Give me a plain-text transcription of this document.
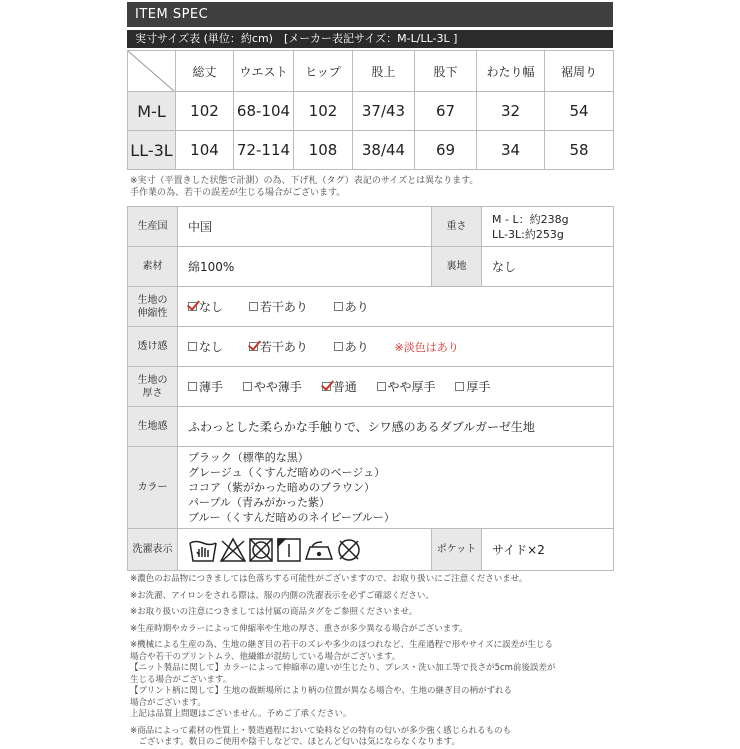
ITEM SPEC
実寸サイズ表 (単位：約cm)　[メーカー表記サイズ：M-L/LL-3L ]
	総丈	ウエスト	ヒップ	股上	股下	わたり幅	裾周り
M-L	102	68-104	102	37/43	67	32	54
LL-3L	104	72-114	108	38/44	69	34	58
※実寸（平置きした状態で計測）の為、下げ札（タグ）表記のサイズとは異なります。
手作業の為、若干の誤差が生じる場合がございます。
生産国	中国	重さ	M - L：約238g
LL-3L:約253g

素材	綿100%	裏地	なし
生地の
伸縮性	なし
若干あり
あり		

透け感	なし
若干あり
あり ※淡色はあり		
生地の
厚さ	薄手
やや薄手
普通
やや厚手
厚手		

生地感	ふわっとした柔らかな手触りで、シワ感のあるダブルガーゼ生地		
カラー	ブラック（標準的な黒）
グレージュ（くすんだ暗めのベージュ）
ココア（紫がかった暗めのブラウン）
パープル（青みがかった紫）
ブルー（くすんだ暗めのネイビーブルー）		

洗濯表示		ポケット	サイド×2
※濃色のお品物につきましては色落ちする可能性がございますので、お取り扱いにご注意くださいませ。
※お洗濯、アイロンをされる際は、服の内側の洗濯表示を必ずご確認ください。
※お取り扱いの注意につきましては付属の商品タグをご参照くださいませ。
※生産時期やカラーによって伸縮率や生地の厚さ、重さが多少異なる場合がございます。
※機械による生産の為、生地の継ぎ目の若干のズレや多少のほつれなど、生産過程で形やサイズに誤差が生じる
場合や若干のプリントムラ、他繊維が混紡している場合がございます。
【ニット製品に関して】カラーによって伸縮率の違いが生じたり、プレス・洗い加工等で長さが5cm前後誤差が
生じる場合がございます。
【プリント柄に関して】生地の裁断場所により柄の位置が異なる場合や、生地の継ぎ目の柄がずれる
場合がございます。
上記は品質上問題はございません。予めご了承ください。
※商品によって素材の性質上・製造過程において染料などの特有の匂いが多少強く感じられるものも
　ございます。数日のご使用や陰干しなどで、ほとんど匂いは気にならなくなります。
